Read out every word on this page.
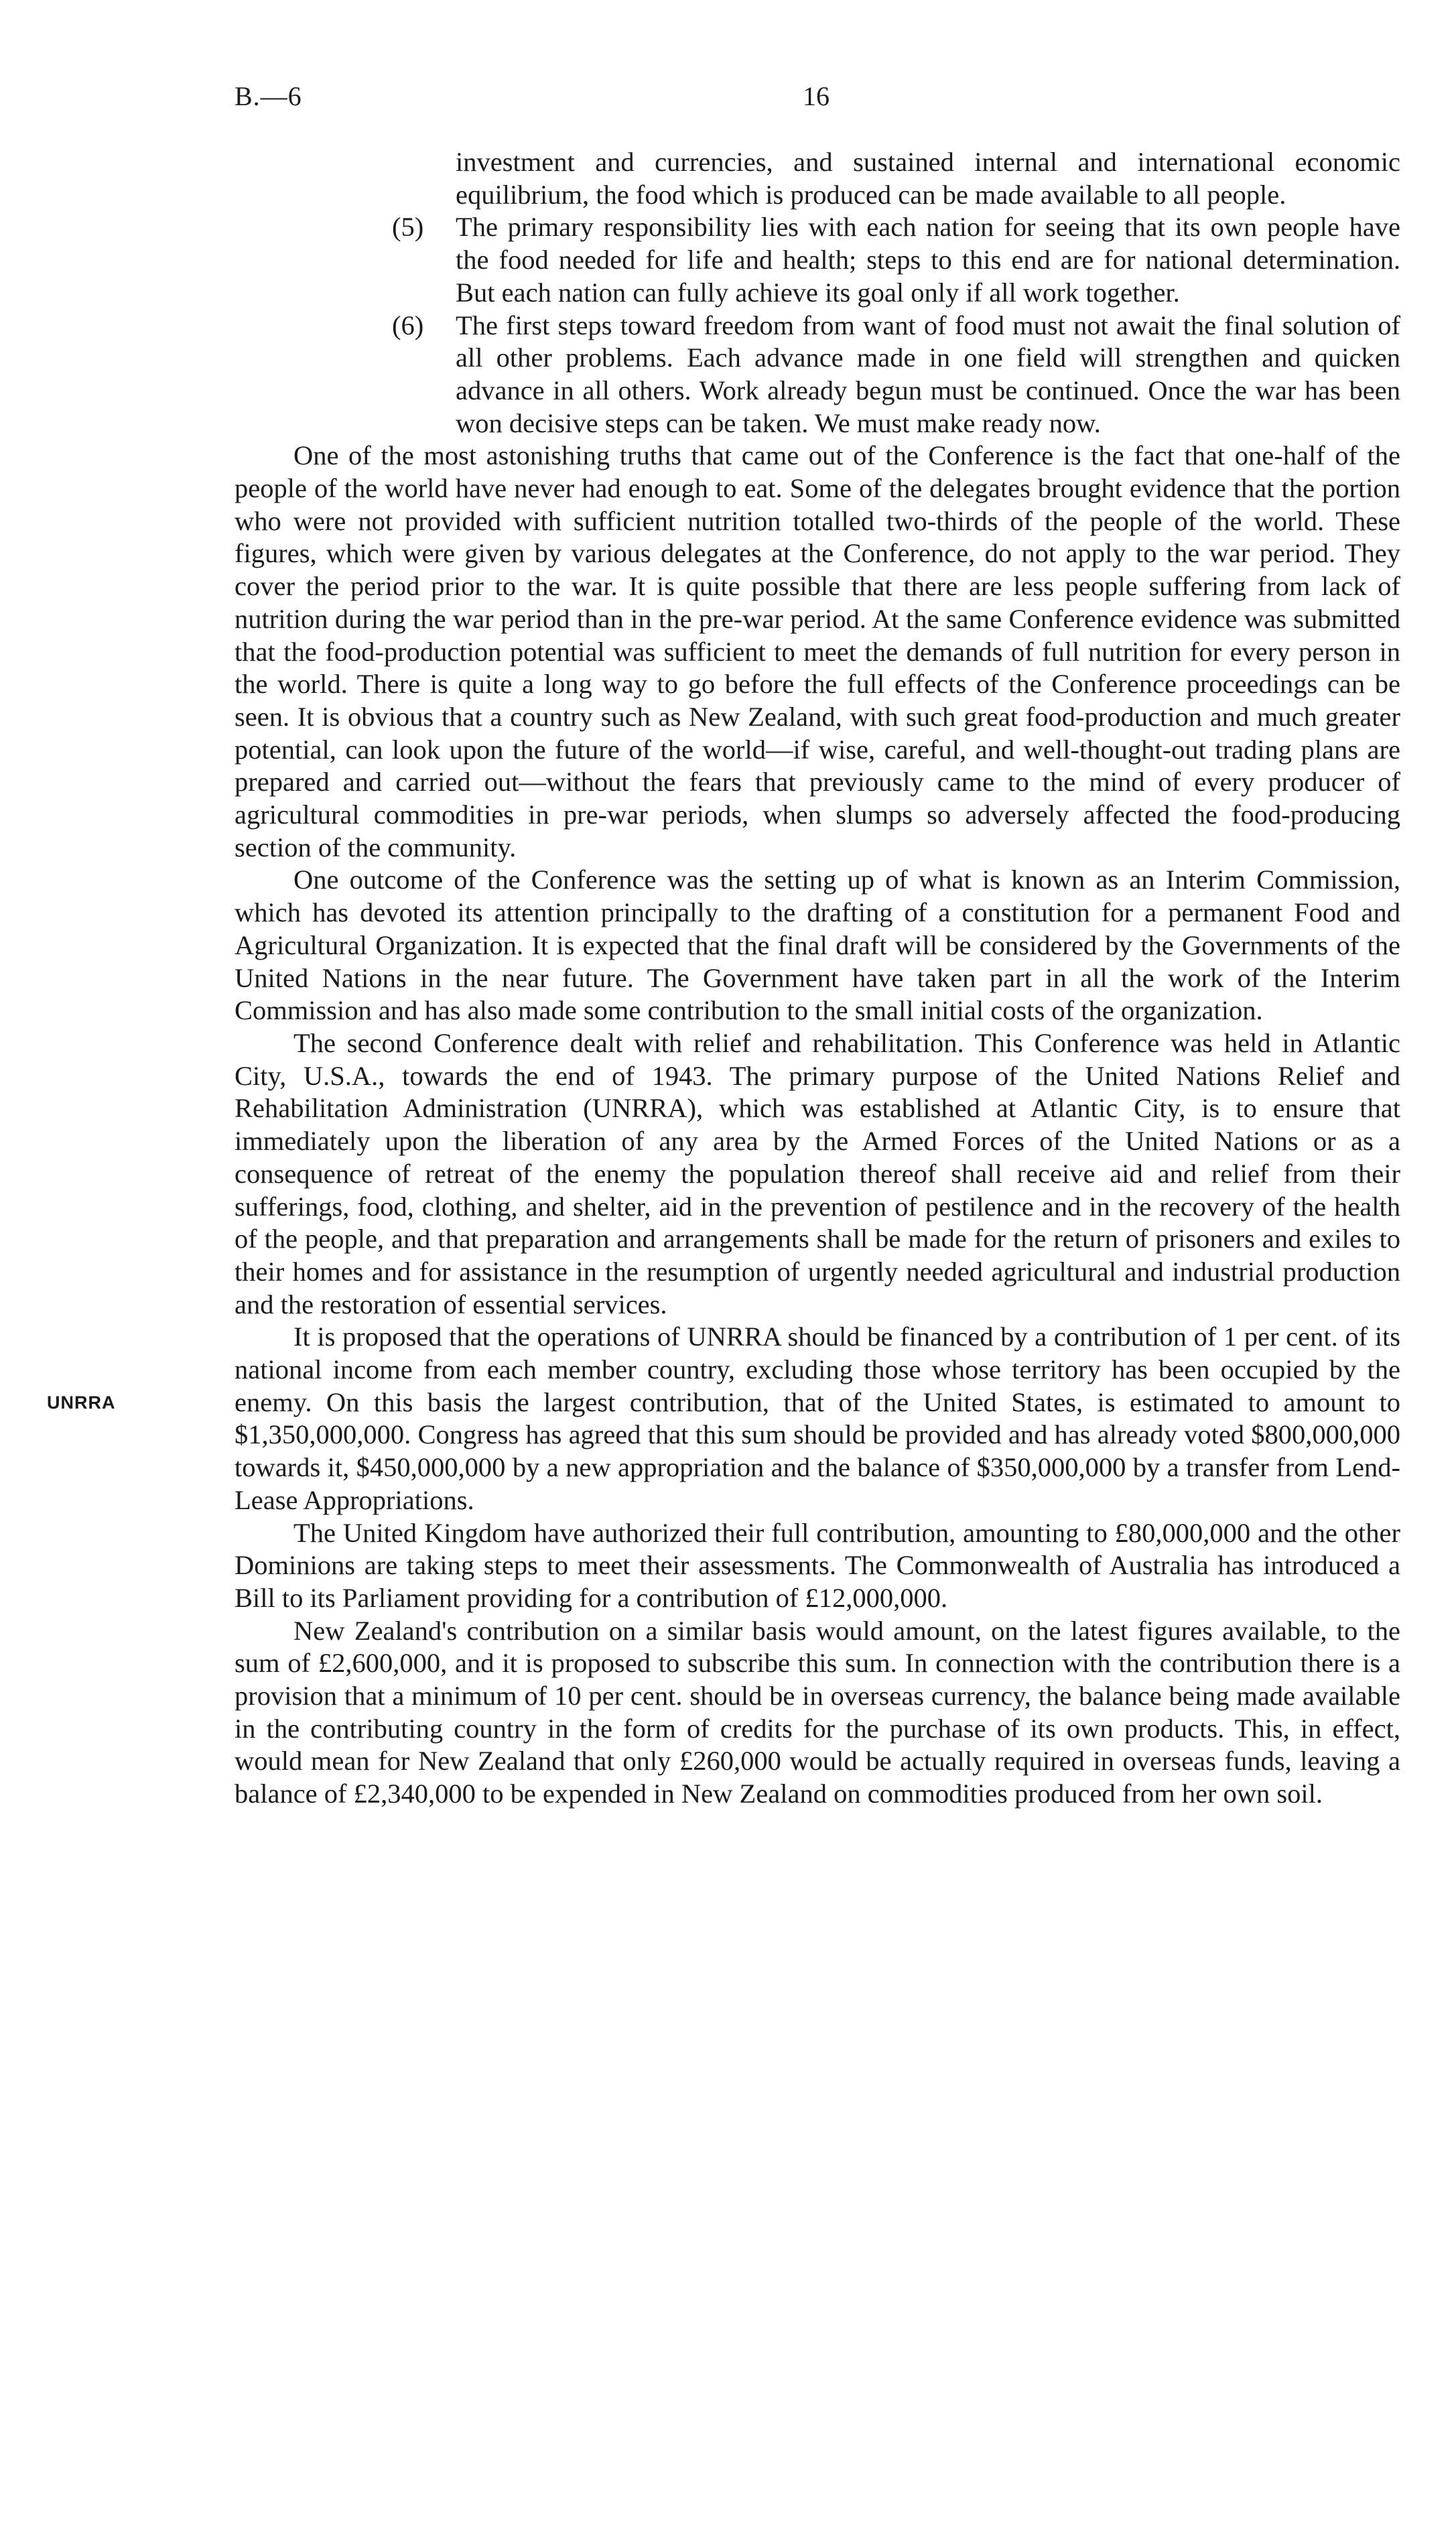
B.—6	16
UNRRA

investment and currencies, and sustained internal and international economic equilibrium, the food which is produced can be made available to all people.

(5) The primary responsibility lies with each nation for seeing that its own people have the food needed for life and health; steps to this end are for national determination. But each nation can fully achieve its goal only if all work together.

(6) The first steps toward freedom from want of food must not await the final solution of all other problems. Each advance made in one field will strengthen and quicken advance in all others. Work already begun must be continued. Once the war has been won decisive steps can be taken. We must make ready now.

One of the most astonishing truths that came out of the Conference is the fact that one-half of the people of the world have never had enough to eat. Some of the delegates brought evidence that the portion who were not provided with sufficient nutrition totalled two-thirds of the people of the world. These figures, which were given by various delegates at the Conference, do not apply to the war period. They cover the period prior to the war. It is quite possible that there are less people suffering from lack of nutrition during the war period than in the pre-war period. At the same Conference evidence was submitted that the food-production potential was sufficient to meet the demands of full nutrition for every person in the world. There is quite a long way to go before the full effects of the Conference proceedings can be seen. It is obvious that a country such as New Zealand, with such great food-production and much greater potential, can look upon the future of the world—if wise, careful, and well-thought-out trading plans are prepared and carried out—without the fears that previously came to the mind of every producer of agricultural commodities in pre-war periods, when slumps so adversely affected the food-producing section of the community.

One outcome of the Conference was the setting up of what is known as an Interim Commission, which has devoted its attention principally to the drafting of a constitution for a permanent Food and Agricultural Organization. It is expected that the final draft will be considered by the Governments of the United Nations in the near future. The Government have taken part in all the work of the Interim Commission and has also made some contribution to the small initial costs of the organization.

The second Conference dealt with relief and rehabilitation. This Conference was held in Atlantic City, U.S.A., towards the end of 1943. The primary purpose of the United Nations Relief and Rehabilitation Administration (UNRRA), which was established at Atlantic City, is to ensure that immediately upon the liberation of any area by the Armed Forces of the United Nations or as a consequence of retreat of the enemy the population thereof shall receive aid and relief from their sufferings, food, clothing, and shelter, aid in the prevention of pestilence and in the recovery of the health of the people, and that preparation and arrangements shall be made for the return of prisoners and exiles to their homes and for assistance in the resumption of urgently needed agricultural and industrial production and the restoration of essential services.

It is proposed that the operations of UNRRA should be financed by a contribution of 1 per cent. of its national income from each member country, excluding those whose territory has been occupied by the enemy. On this basis the largest contribution, that of the United States, is estimated to amount to $1,350,000,000. Congress has agreed that this sum should be provided and has already voted $800,000,000 towards it, $450,000,000 by a new appropriation and the balance of $350,000,000 by a transfer from Lend-Lease Appropriations.

The United Kingdom have authorized their full contribution, amounting to £80,000,000 and the other Dominions are taking steps to meet their assessments. The Commonwealth of Australia has introduced a Bill to its Parliament providing for a contribution of £12,000,000.

New Zealand's contribution on a similar basis would amount, on the latest figures available, to the sum of £2,600,000, and it is proposed to subscribe this sum. In connection with the contribution there is a provision that a minimum of 10 per cent. should be in overseas currency, the balance being made available in the contributing country in the form of credits for the purchase of its own products. This, in effect, would mean for New Zealand that only £260,000 would be actually required in overseas funds, leaving a balance of £2,340,000 to be expended in New Zealand on commodities produced from her own soil.
